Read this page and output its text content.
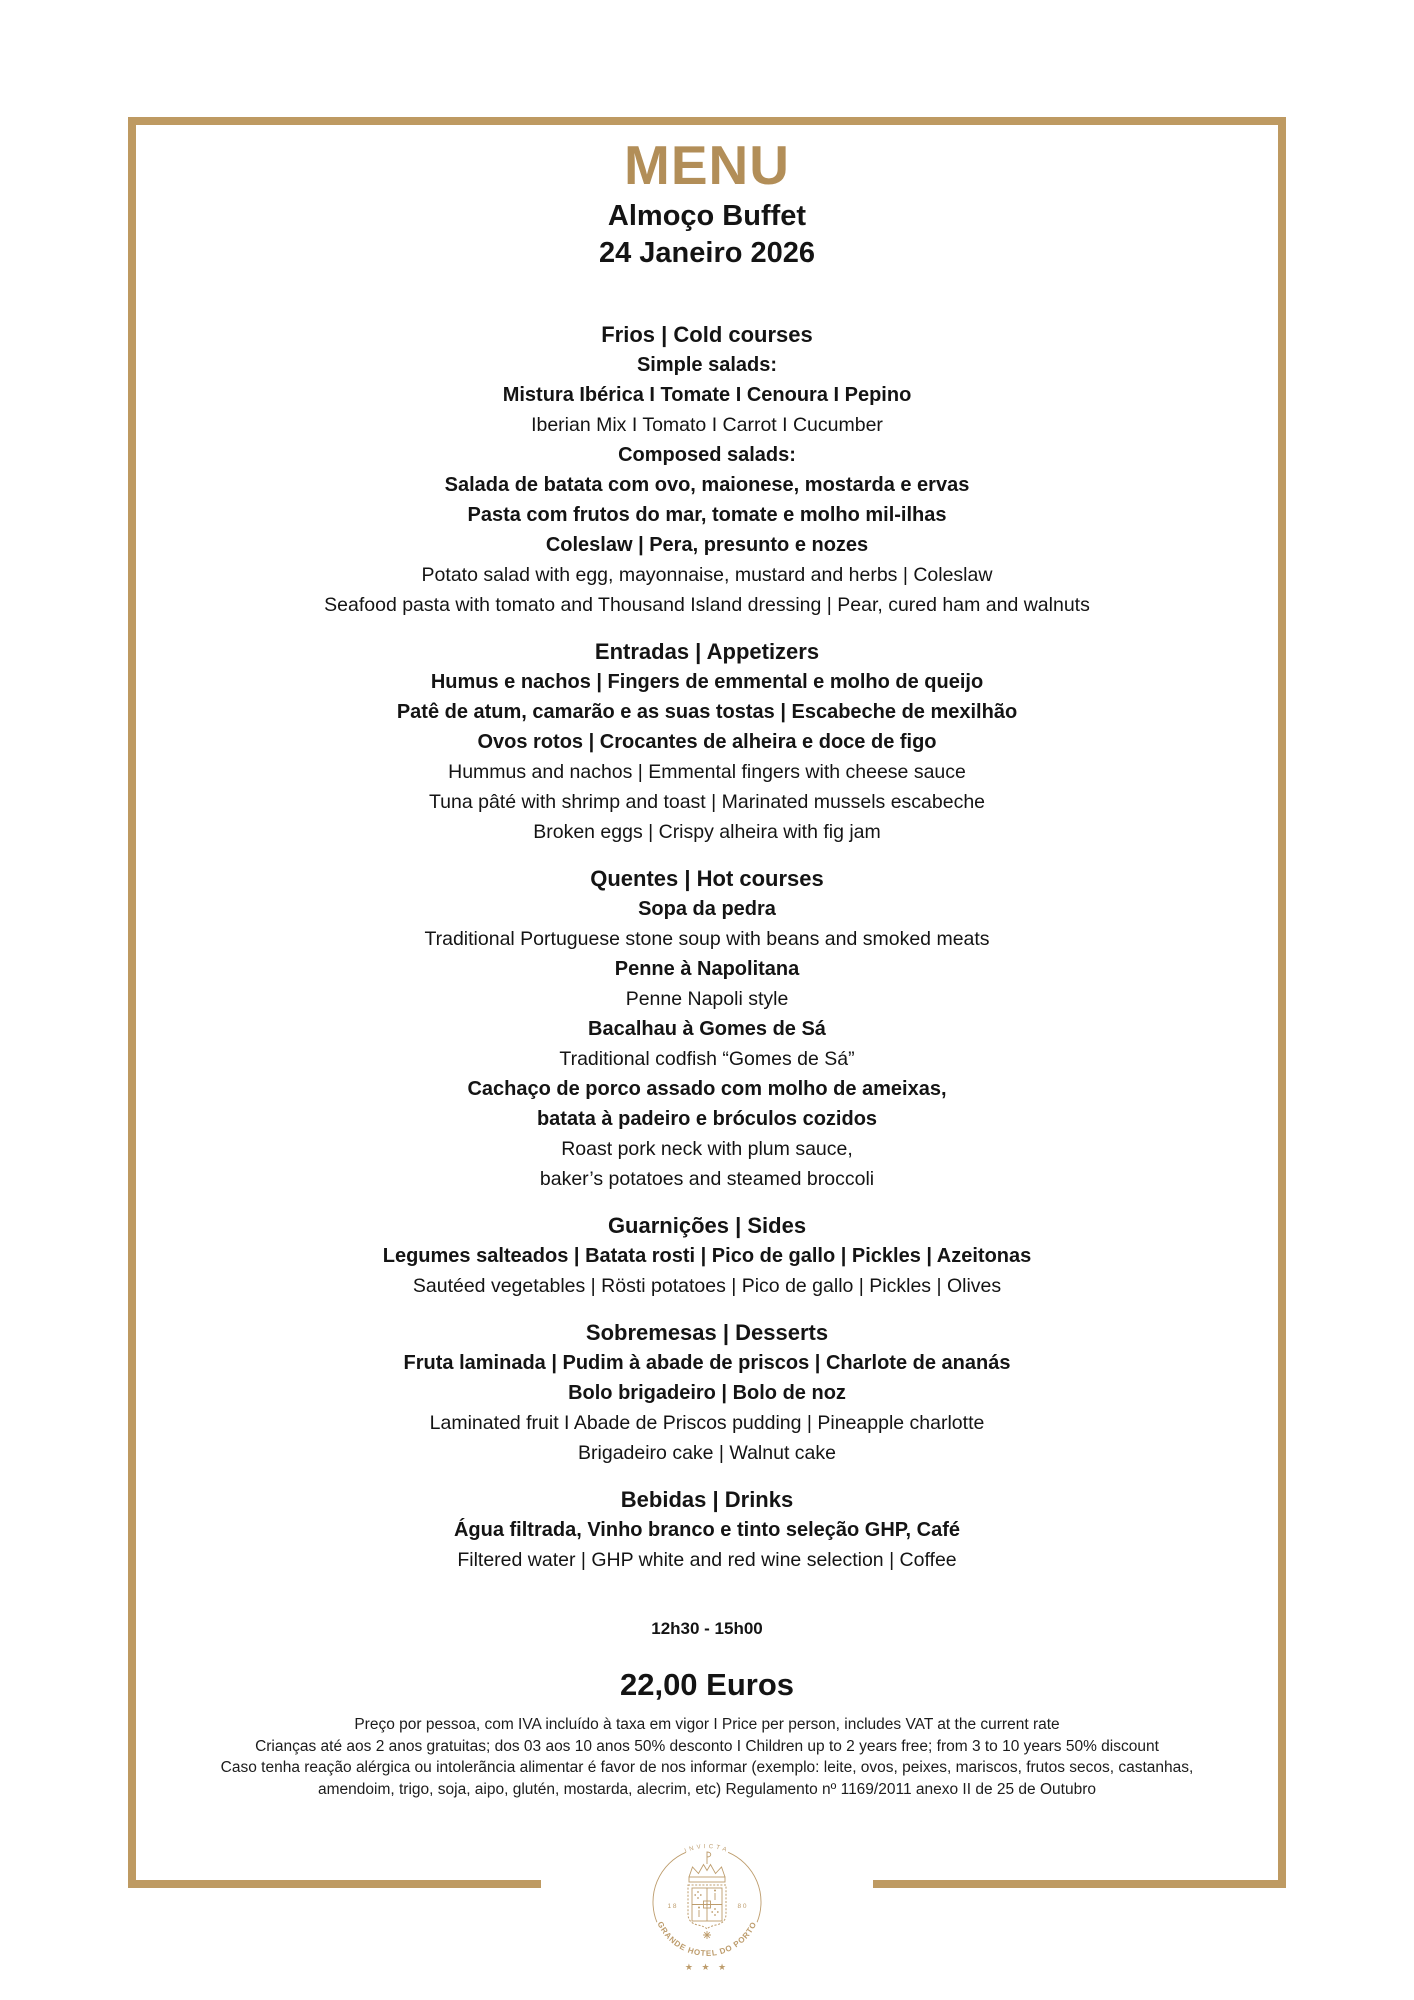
MENU
Almoço Buffet
24 Janeiro 2026
Frios | Cold courses
Simple salads:
Mistura Ibérica I Tomate I Cenoura I Pepino
Iberian Mix I Tomato I Carrot I Cucumber
Composed salads:
Salada de batata com ovo, maionese, mostarda e ervas
Pasta com frutos do mar, tomate e molho mil-ilhas
Coleslaw | Pera, presunto e nozes
Potato salad with egg, mayonnaise, mustard and herbs | Coleslaw
Seafood pasta with tomato and Thousand Island dressing | Pear, cured ham and walnuts
Entradas | Appetizers
Humus e nachos | Fingers de emmental e molho de queijo
Patê de atum, camarão e as suas tostas | Escabeche de mexilhão
Ovos rotos | Crocantes de alheira e doce de figo
Hummus and nachos | Emmental fingers with cheese sauce
Tuna pâté with shrimp and toast | Marinated mussels escabeche
Broken eggs | Crispy alheira with fig jam
Quentes | Hot courses
Sopa da pedra
Traditional Portuguese stone soup with beans and smoked meats
Penne à Napolitana
Penne Napoli style
Bacalhau à Gomes de Sá
Traditional codfish “Gomes de Sá”
Cachaço de porco assado com molho de ameixas,
batata à padeiro e bróculos cozidos
Roast pork neck with plum sauce,
baker’s potatoes and steamed broccoli
Guarnições | Sides
Legumes salteados | Batata rosti | Pico de gallo | Pickles | Azeitonas
Sautéed vegetables | Rösti potatoes | Pico de gallo | Pickles | Olives
Sobremesas | Desserts
Fruta laminada | Pudim à abade de priscos | Charlote de ananás
Bolo brigadeiro | Bolo de noz
Laminated fruit I Abade de Priscos pudding | Pineapple charlotte
Brigadeiro cake | Walnut cake
Bebidas | Drinks
Água filtrada, Vinho branco e tinto seleção GHP, Café
Filtered water | GHP white and red wine selection | Coffee
12h30 - 15h00
22,00 Euros
Preço por pessoa, com IVA incluído à taxa em vigor I Price per person, includes VAT at the current rate
Crianças até aos 2 anos gratuitas; dos 03 aos 10 anos 50% desconto I Children up to 2 years free; from 3 to 10 years 50% discount
Caso tenha reação alérgica ou intolerãncia alimentar é favor de nos informar (exemplo: leite, ovos, peixes, mariscos, frutos secos, castanhas,
amendoim, trigo, soja, aipo, glutén, mostarda, alecrim, etc) Regulamento nº 1169/2011 anexo II de 25 de Outubro
INVICTA
1 8	8 0
GRANDE HOTEL DO PORTO
★ ★ ★
